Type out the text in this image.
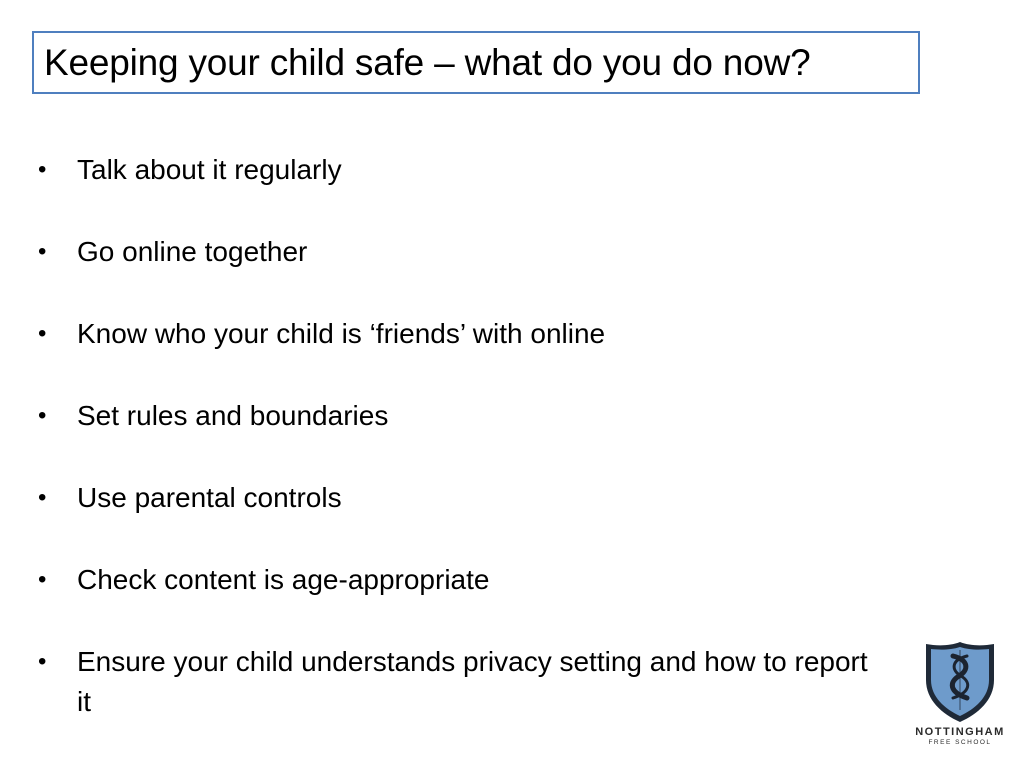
Keeping your child safe – what do you do now?
•	Talk about it regularly
•	Go online together
•	Know who your child is ‘friends’ with online
•	Set rules and boundaries
•	Use parental controls
•	Check content is age-appropriate
•	Ensure your child understands privacy setting and how to report it
NOTTINGHAM
FREE SCHOOL
